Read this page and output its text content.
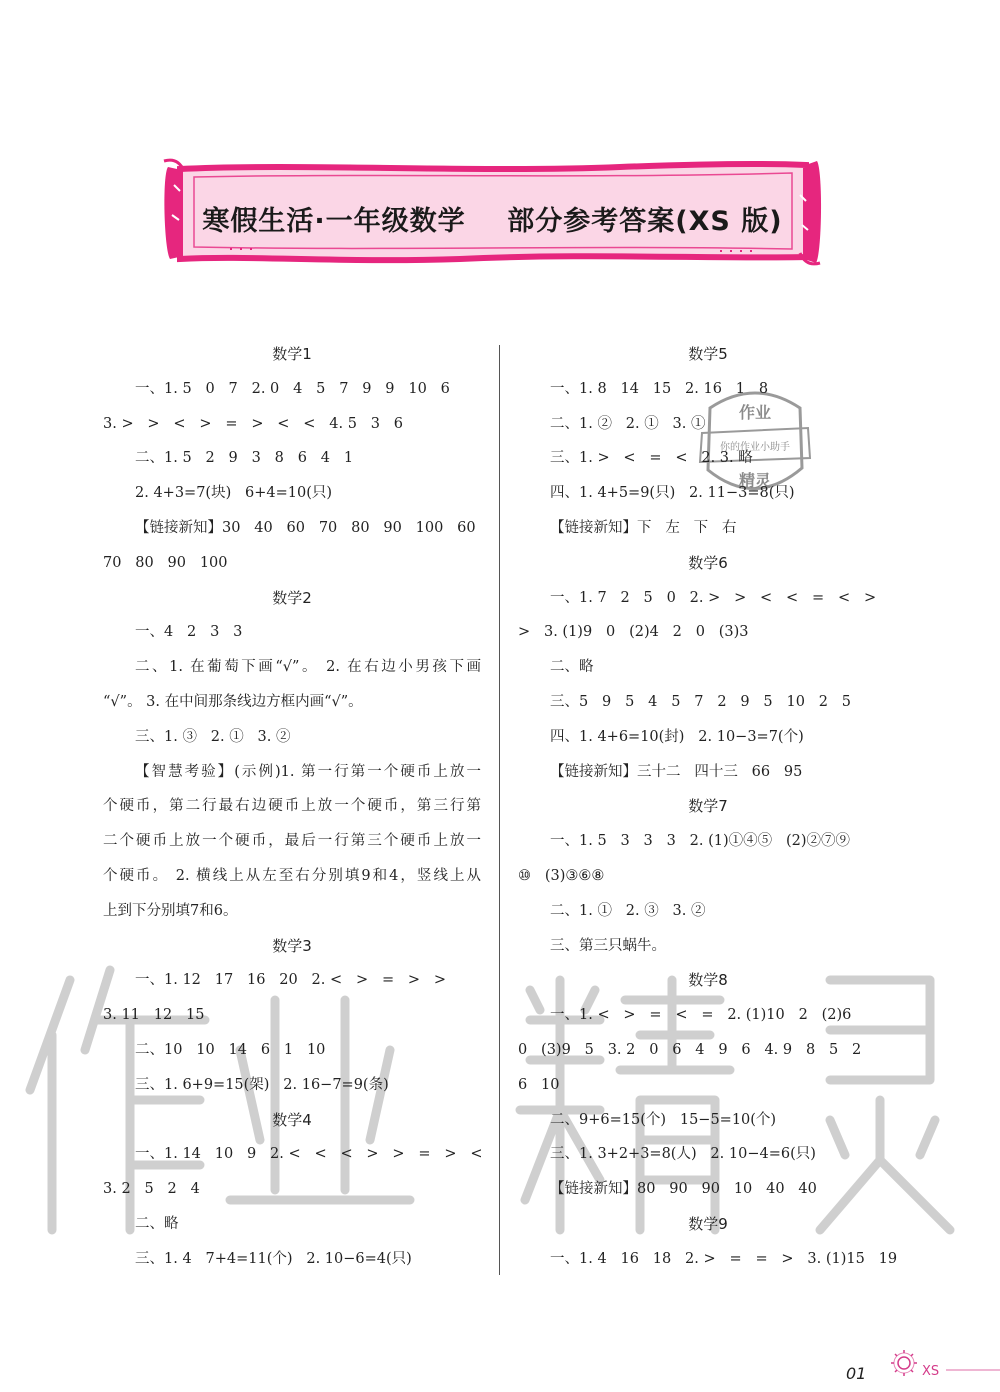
寒假生活·一年级数学    部分参考答案(XS 版)
作业
你的作业小助手
精灵
数学1
一、1. 5   0   7   2. 0   4   5   7   9   9   10   6
3. >   >   <   >   =   >   <   <   4. 5   3   6
二、1. 5   2   9   3   8   6   4   1
2. 4+3=7(块)   6+4=10(只)
【链接新知】30   40   60   70   80   90   100   60
70   80   90   100
数学2
一、4   2   3   3
二、1. 在葡萄下画“√”。 2. 在右边小男孩下画
“√”。 3. 在中间那条线边方框内画“√”。
三、1. ③   2. ①   3. ②
【智慧考验】(示例)1. 第一行第一个硬币上放一
个硬币，第二行最右边硬币上放一个硬币，第三行第
二个硬币上放一个硬币，最后一行第三个硬币上放一
个硬币。 2. 横线上从左至右分别填9和4，竖线上从
上到下分别填7和6。
数学3
一、1. 12   17   16   20   2. <   >   =   >   >
3. 11   12   15
二、10   10   14   6   1   10
三、1. 6+9=15(架)   2. 16−7=9(条)
数学4
一、1. 14   10   9   2. <   <   <   >   >   =   >   <
3. 2   5   2   4
二、略
三、1. 4   7+4=11(个)   2. 10−6=4(只)
数学5
一、1. 8   14   15   2. 16   1   8
二、1. ②   2. ①   3. ①
三、1. >   <   =   <   2. 3. 略
四、1. 4+5=9(只)   2. 11−3=8(只)
【链接新知】下   左   下   右
数学6
一、1. 7   2   5   0   2. >   >   <   <   =   <   >
>   3. (1)9   0   (2)4   2   0   (3)3
二、略
三、5   9   5   4   5   7   2   9   5   10   2   5
四、1. 4+6=10(封)   2. 10−3=7(个)
【链接新知】三十二   四十三   66   95
数学7
一、1. 5   3   3   3   2. (1)①④⑤   (2)②⑦⑨
⑩   (3)③⑥⑧
二、1. ①   2. ③   3. ②
三、第三只蜗牛。
数学8
一、1. <   >   =   <   =   2. (1)10   2   (2)6
0   (3)9   5   3. 2   0   6   4   9   6   4. 9   8   5   2
6   10
二、9+6=15(个)   15−5=10(个)
三、1. 3+2+3=8(人)   2. 10−4=6(只)
【链接新知】80   90   90   10   40   40
数学9
一、1. 4   16   18   2. >   =   =   >   3. (1)15   19
01	XS
